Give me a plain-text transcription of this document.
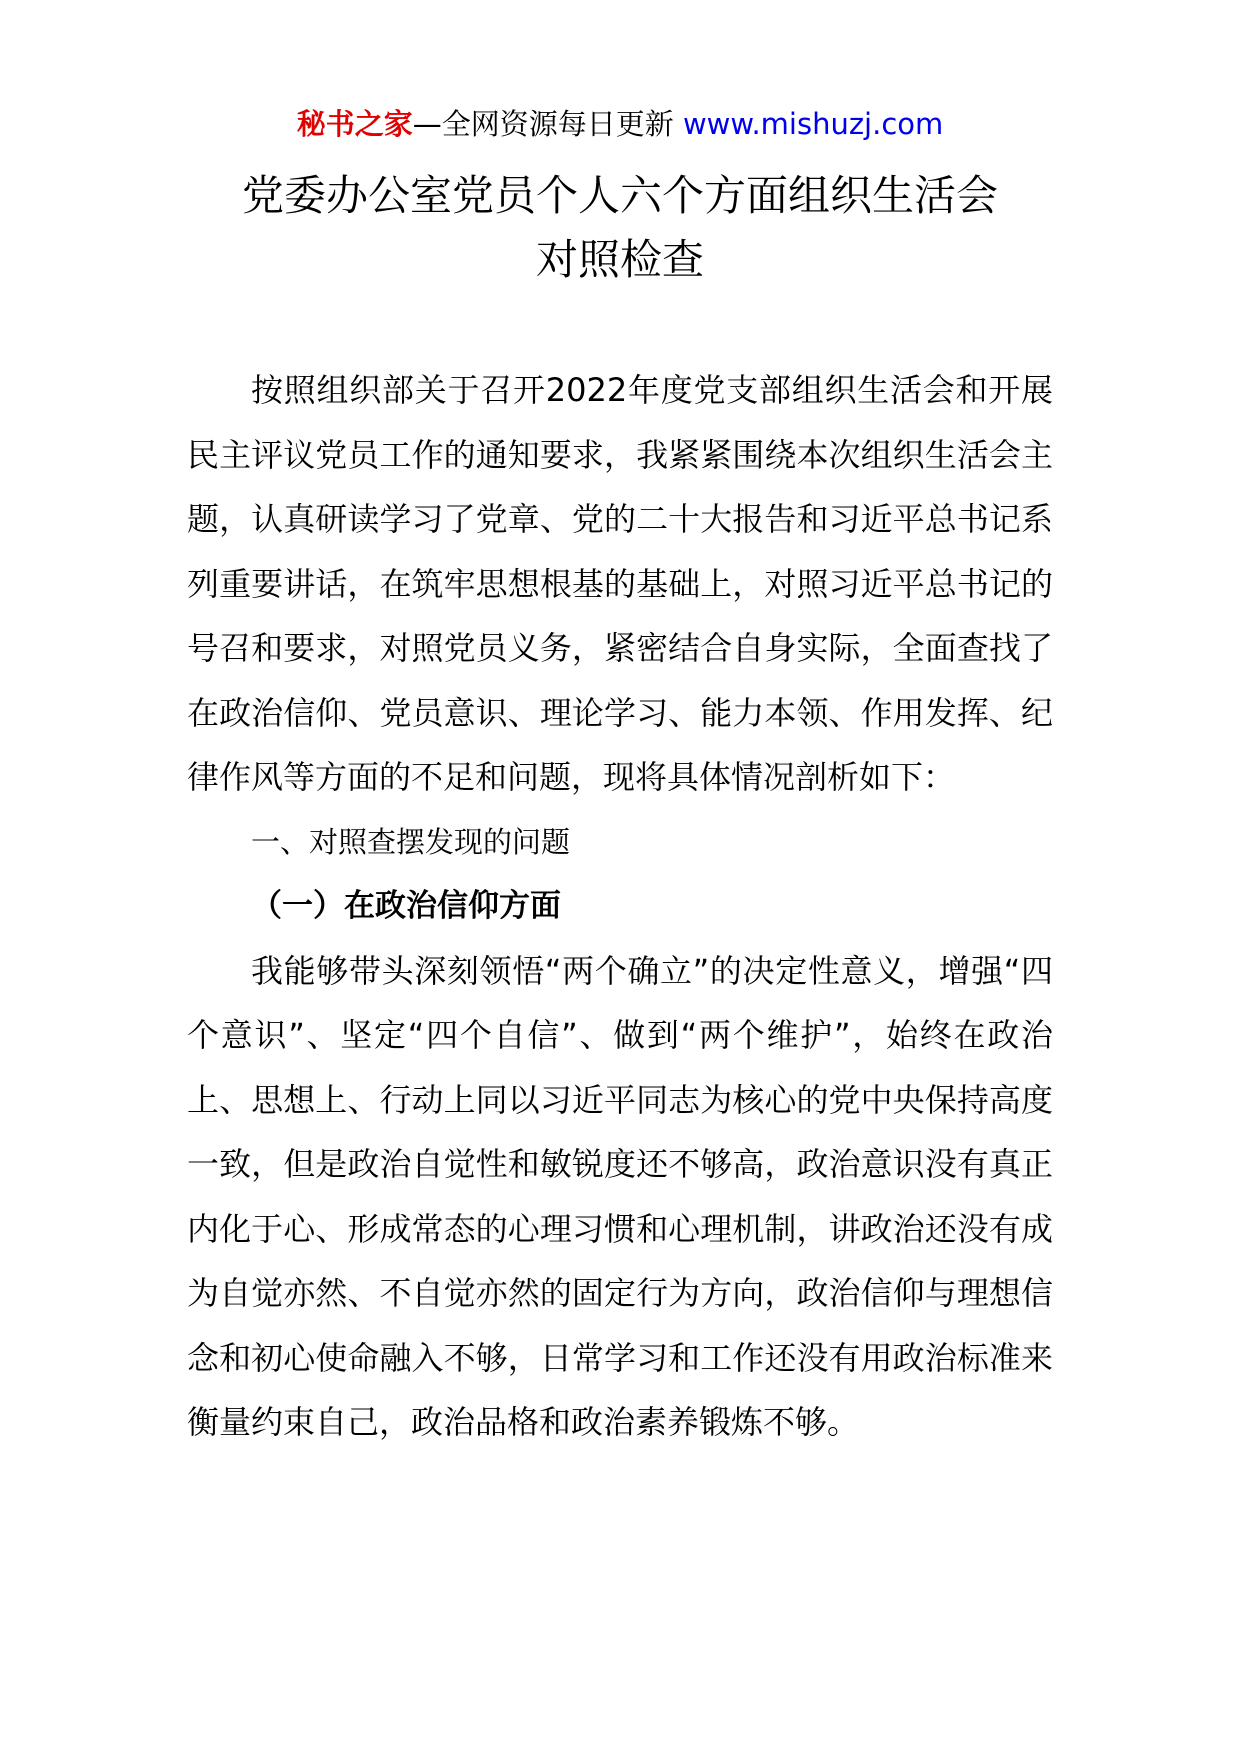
秘书之家—全网资源每日更新 www.mishuzj.com
党委办公室党员个人六个方面组织生活会
对照检查

按照组织部关于召开2022年度党支部组织生活会和开展民主评议党员工作的通知要求，我紧紧围绕本次组织生活会主题，认真研读学习了党章、党的二十大报告和习近平总书记系列重要讲话，在筑牢思想根基的基础上，对照习近平总书记的号召和要求，对照党员义务，紧密结合自身实际，全面查找了在政治信仰、党员意识、理论学习、能力本领、作用发挥、纪律作风等方面的不足和问题，现将具体情况剖析如下：

一、对照查摆发现的问题

（一）在政治信仰方面

我能够带头深刻领悟“两个确立”的决定性意义，增强“四个意识”、坚定“四个自信”、做到“两个维护”，始终在政治上、思想上、行动上同以习近平同志为核心的党中央保持高度一致，但是政治自觉性和敏锐度还不够高，政治意识没有真正内化于心、形成常态的心理习惯和心理机制，讲政治还没有成为自觉亦然、不自觉亦然的固定行为方向，政治信仰与理想信念和初心使命融入不够，日常学习和工作还没有用政治标准来衡量约束自己，政治品格和政治素养锻炼不够。
